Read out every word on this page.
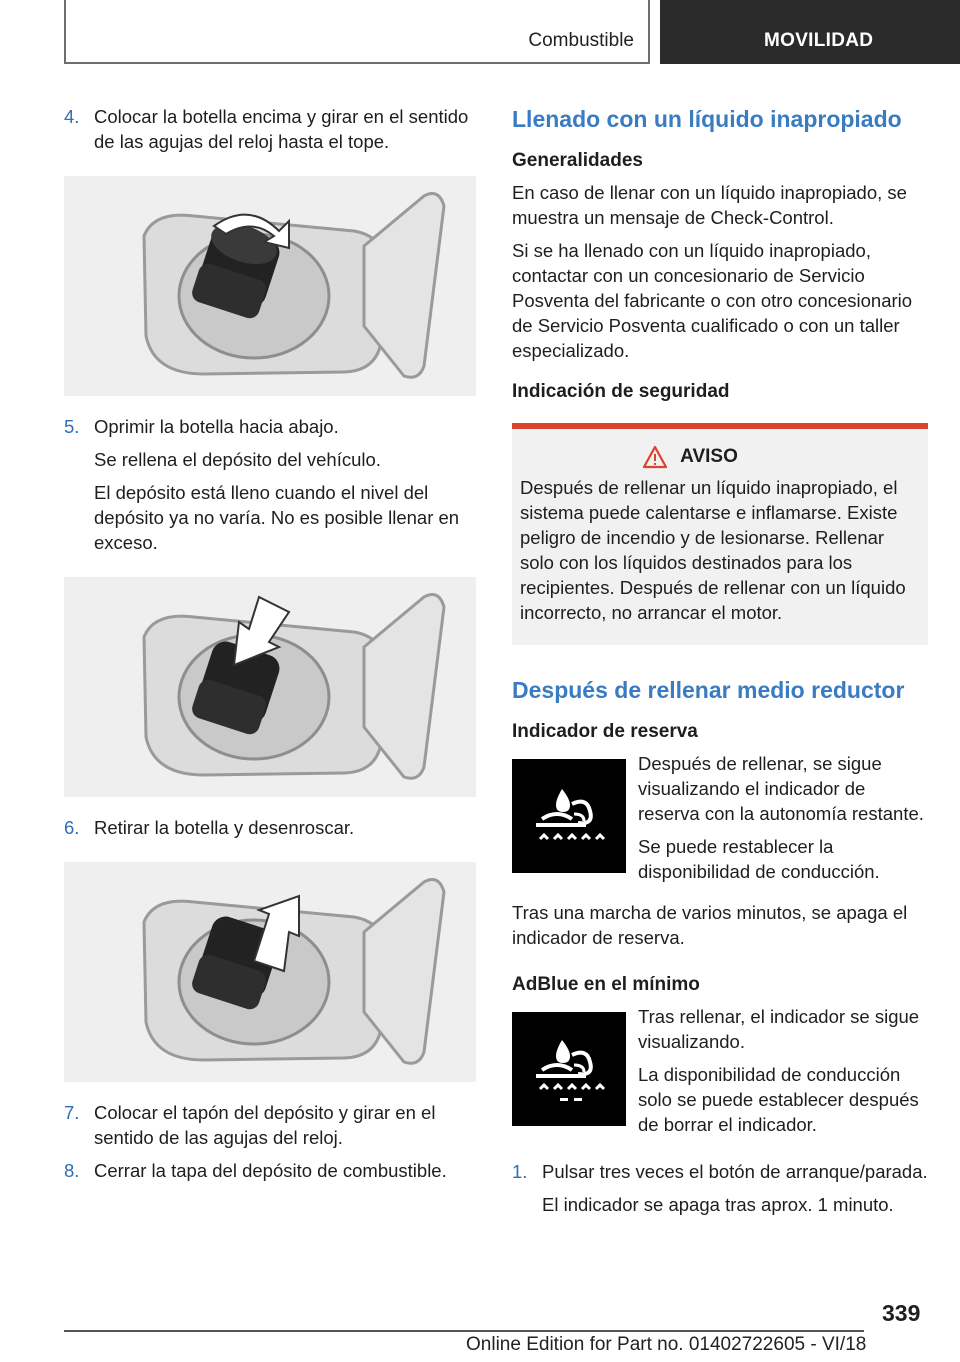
Combustible	MOVILIDAD
4. Colocar la botella encima y girar en el sentido de las agujas del reloj hasta el tope.

5. Oprimir la botella hacia abajo.

Se rellena el depósito del vehículo.

El depósito está lleno cuando el nivel del depósito ya no varía. No es posible llenar en exceso.

6. Retirar la botella y desenroscar.

7. Colocar el tapón del depósito y girar en el sentido de las agujas del reloj.

8. Cerrar la tapa del depósito de combustible.

Llenado con un líquido inapropiado
Generalidades

En caso de llenar con un líquido inapropiado, se muestra un mensaje de Check-Control.

Si se ha llenado con un líquido inapropiado, contactar con un concesionario de Servicio Posventa del fabricante o con otro concesionario de Servicio Posventa cualificado o con un taller especializado.

Indicación de seguridad
AVISO

Después de rellenar un líquido inapropiado, el sistema puede calentarse e inflamarse. Existe peligro de incendio y de lesionarse. Rellenar solo con los líquidos destinados para los recipientes. Después de rellenar con un líquido incorrecto, no arrancar el motor.

Después de rellenar medio reductor
Indicador de reserva

Después de rellenar, se sigue visualizando el indicador de reserva con la autonomía restante.

Se puede restablecer la disponibilidad de conducción.

Tras una marcha de varios minutos, se apaga el indicador de reserva.

AdBlue en el mínimo

Tras rellenar, el indicador se sigue visualizando.

La disponibilidad de conducción solo se puede establecer después de borrar el indicador.

1. Pulsar tres veces el botón de arranque/parada.

El indicador se apaga tras aprox. 1 minuto.

339
Online Edition for Part no. 01402722605 - VI/18
